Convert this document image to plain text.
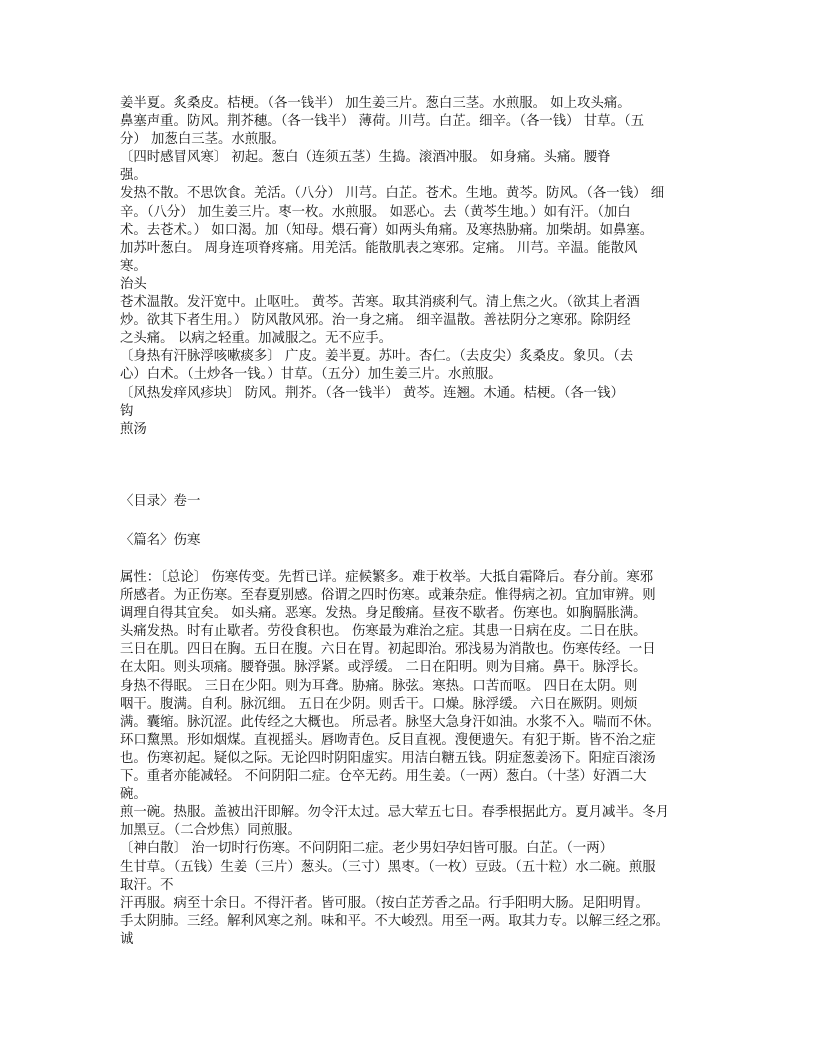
姜半夏。炙桑皮。桔梗。（各一钱半） 加生姜三片。葱白三茎。水煎服。 如上攻头痛。
鼻塞声重。防风。荆芥穗。（各一钱半） 薄荷。川芎。白芷。细辛。（各一钱） 甘草。（五
分） 加葱白三茎。水煎服。
〔四时感冒风寒〕 初起。葱白（连须五茎）生捣。滚酒冲服。 如身痛。头痛。腰脊
强。
发热不散。不思饮食。羌活。（八分） 川芎。白芷。苍术。生地。黄芩。防风。（各一钱） 细
辛。（八分） 加生姜三片。枣一枚。水煎服。 如恶心。去（黄芩生地。）如有汗。（加白
术。去苍术。） 如口渴。加（知母。煨石膏）如两头角痛。及寒热胁痛。加柴胡。如鼻塞。
加苏叶葱白。 周身连项脊疼痛。用羌活。能散肌表之寒邪。定痛。 川芎。辛温。能散风
寒。
治头
苍术温散。发汗宽中。止呕吐。 黄芩。苦寒。取其消痰利气。清上焦之火。（欲其上者酒
炒。欲其下者生用。） 防风散风邪。治一身之痛。 细辛温散。善祛阴分之寒邪。除阴经
之头痛。 以病之轻重。加减服之。无不应手。
〔身热有汗脉浮咳嗽痰多〕 广皮。姜半夏。苏叶。杏仁。（去皮尖）炙桑皮。象贝。（去
心）白术。（土炒各一钱。）甘草。（五分）加生姜三片。水煎服。
〔风热发痒风疹块〕 防风。荆芥。（各一钱半） 黄芩。连翘。木通。桔梗。（各一钱）
钩
煎汤
〈目录〉卷一
〈篇名〉伤寒
属性：〔总论〕 伤寒传变。先哲已详。症候繁多。难于枚举。大抵自霜降后。春分前。寒邪
所感者。为正伤寒。至春夏别感。俗谓之四时伤寒。或兼杂症。惟得病之初。宜加审辨。则
调理自得其宜矣。 如头痛。恶寒。发热。身足酸痛。昼夜不歇者。伤寒也。如胸膈胀满。
头痛发热。时有止歇者。劳役食积也。 伤寒最为难治之症。其患一日病在皮。二日在肤。
三日在肌。四日在胸。五日在腹。六日在胃。初起即治。邪浅易为消散也。伤寒传经。一日
在太阳。则头项痛。腰脊强。脉浮紧。或浮缓。 二日在阳明。则为目痛。鼻干。脉浮长。
身热不得眠。 三日在少阳。则为耳聋。胁痛。脉弦。寒热。口苦而呕。 四日在太阴。则
咽干。腹满。自利。脉沉细。 五日在少阴。则舌干。口燥。脉浮缓。 六日在厥阴。则烦
满。囊缩。脉沉涩。此传经之大概也。 所忌者。脉坚大急身汗如油。水浆不入。喘而不休。
环口黧黑。形如烟煤。直视摇头。唇吻青色。反目直视。溲便遗矢。有犯于斯。皆不治之症
也。伤寒初起。疑似之际。无论四时阴阳虚实。用洁白糖五钱。阴症葱姜汤下。阳症百滚汤
下。重者亦能减轻。 不问阴阳二症。仓卒无药。用生姜。（一两）葱白。（十茎）好酒二大
碗。
煎一碗。热服。盖被出汗即解。勿令汗太过。忌大荤五七日。春季根据此方。夏月减半。冬月
加黑豆。（二合炒焦）同煎服。
〔神白散〕 治一切时行伤寒。不问阴阳二症。老少男妇孕妇皆可服。白芷。（一两）
生甘草。（五钱）生姜（三片）葱头。（三寸）黑枣。（一枚）豆豉。（五十粒）水二碗。煎服
取汗。不
汗再服。病至十余日。不得汗者。皆可服。（按白芷芳香之品。行手阳明大肠。足阳明胃。
手太阴肺。三经。解利风寒之剂。味和平。不大峻烈。用至一两。取其力专。以解三经之邪。
诚
